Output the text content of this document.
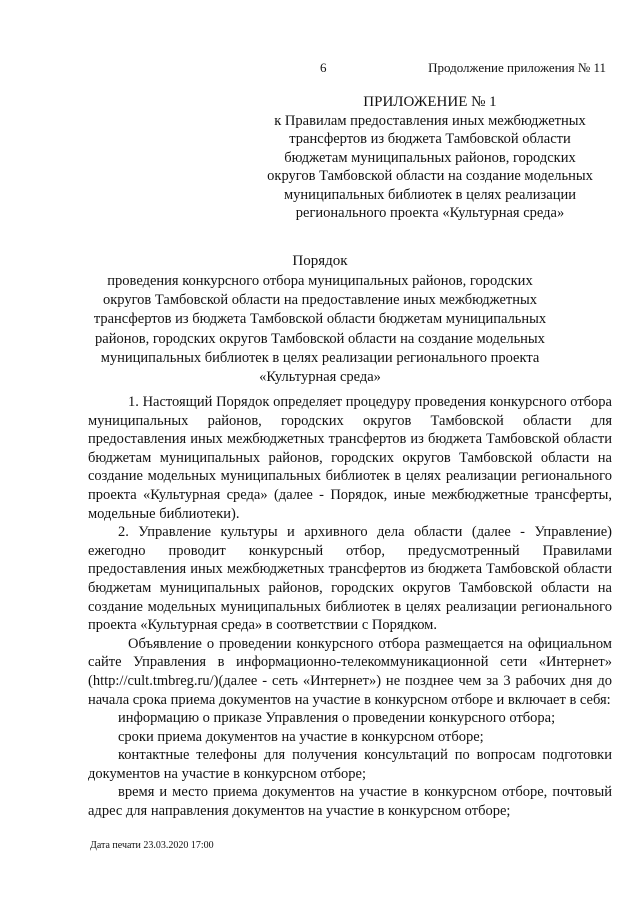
6	Продолжение приложения № 11
ПРИЛОЖЕНИЕ № 1
к Правилам предоставления иных межбюджетных
трансфертов из бюджета Тамбовской области
бюджетам муниципальных районов, городских
округов Тамбовской области на создание модельных
муниципальных библиотек в целях реализации
регионального проекта «Культурная среда»
Порядок
проведения конкурсного отбора муниципальных районов, городских
округов Тамбовской области на предоставление иных межбюджетных
трансфертов из бюджета Тамбовской области бюджетам муниципальных
районов, городских округов Тамбовской области на создание модельных
муниципальных библиотек в целях реализации регионального проекта
«Культурная среда»

1. Настоящий Порядок определяет процедуру проведения конкурсного отбора муниципальных районов, городских округов Тамбовской области для предоставления иных межбюджетных трансфертов из бюджета Тамбовской области бюджетам муниципальных районов, городских округов Тамбовской области на создание модельных муниципальных библиотек в целях реализации регионального проекта «Культурная среда» (далее - Порядок, иные межбюджетные трансферты, модельные библиотеки).

2. Управление культуры и архивного дела области (далее - Управление) ежегодно проводит конкурсный отбор, предусмотренный Правилами предоставления иных межбюджетных трансфертов из бюджета Тамбовской области бюджетам муниципальных районов, городских округов Тамбовской области на создание модельных муниципальных библиотек в целях реализации регионального проекта «Культурная среда» в соответствии с Порядком.

Объявление о проведении конкурсного отбора размещается на официальном сайте Управления в информационно-телекоммуникационной сети «Интернет» (http://cult.tmbreg.ru/)(далее - сеть «Интернет») не позднее чем за 3 рабочих дня до начала срока приема документов на участие в конкурсном отборе и включает в себя:

информацию о приказе Управления о проведении конкурсного отбора;

сроки приема документов на участие в конкурсном отборе;

контактные телефоны для получения консультаций по вопросам подготовки документов на участие в конкурсном отборе;

время и место приема документов на участие в конкурсном отборе, почтовый адрес для направления документов на участие в конкурсном отборе;

Дата печати 23.03.2020 17:00
